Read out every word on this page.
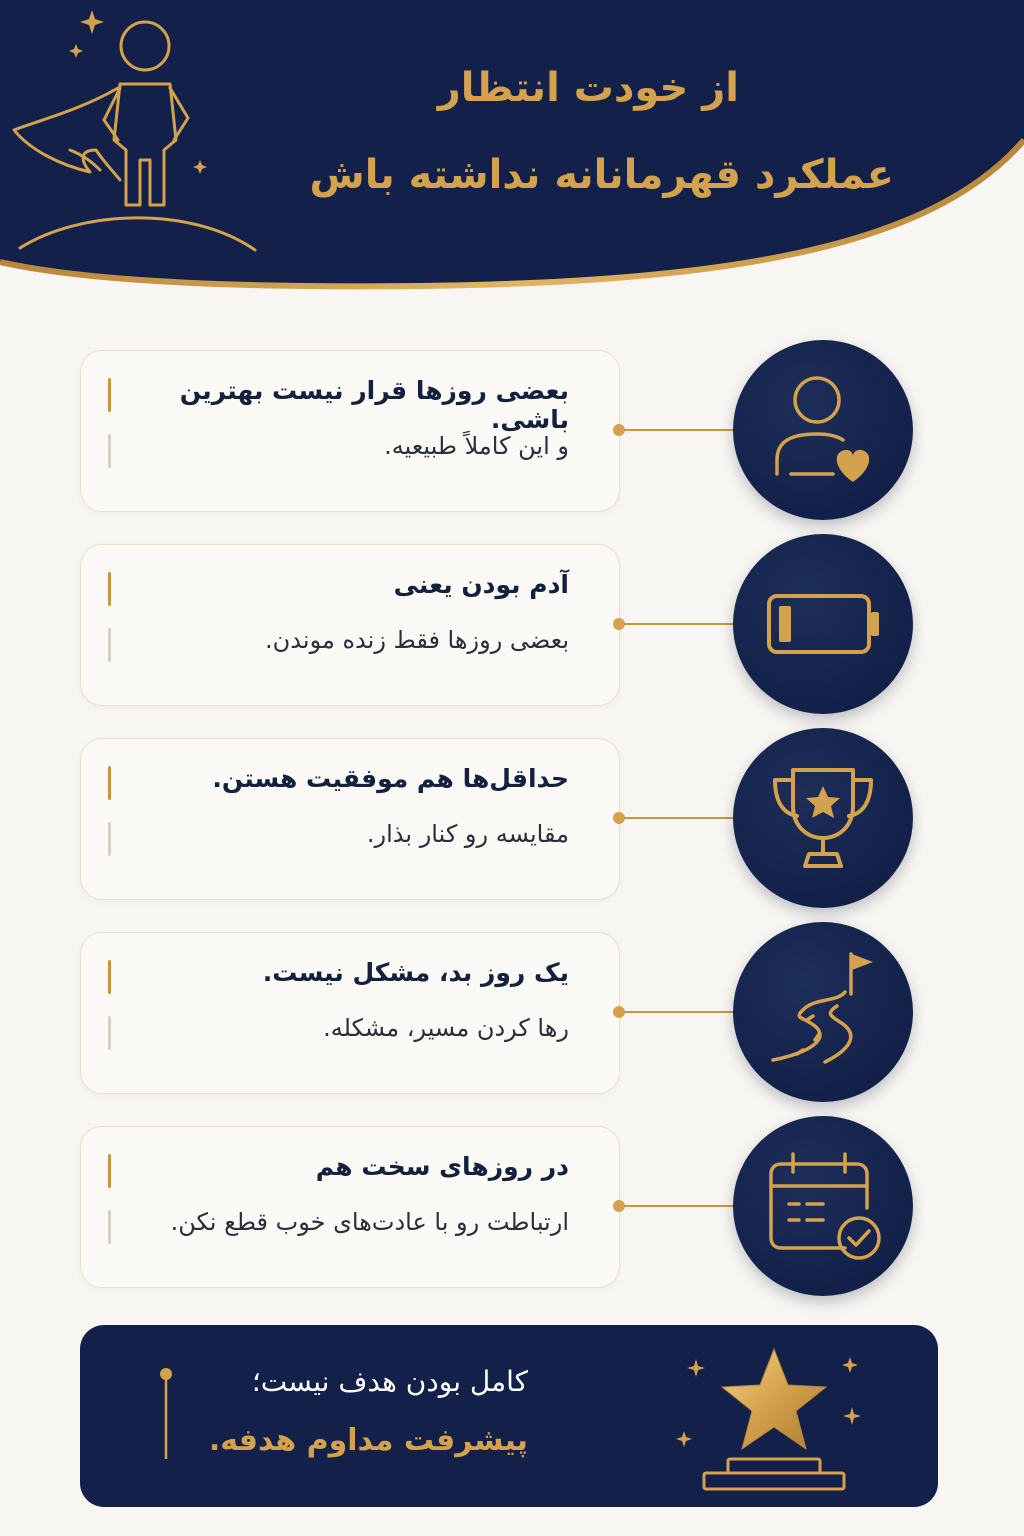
از خودت انتظار
عملکرد قهرمانانه نداشته باش
بعضی روزها قرار نیست بهترین باشی.
و این کاملاً طبیعیه.
آدم بودن یعنی
بعضی روزها فقط زنده موندن.
حداقل‌ها هم موفقیت هستن.
مقایسه رو کنار بذار.
یک روز بد، مشکل نیست.
رها کردن مسیر، مشکله.
در روزهای سخت هم
ارتباطت رو با عادت‌های خوب قطع نکن.
کامل بودن هدف نیست؛
پیشرفت مداوم هدفه.
